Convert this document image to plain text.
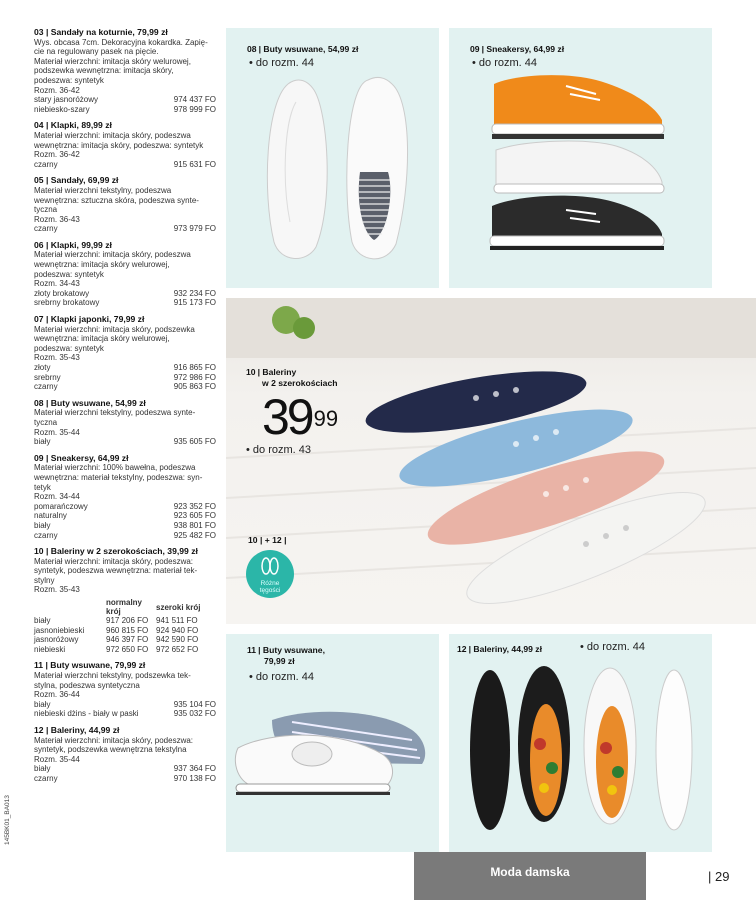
03 | Sandały na koturnie, 79,99 zł
Wys. obcasa 7cm. Dekoracyjna kokardka. Zapię-
cie na regulowany pasek na pięcie.
Materiał wierzchni: imitacja skóry welurowej,
podszewka wewnętrzna: imitacja skóry,
podeszwa: syntetyk
Rozm. 36-42
stary jasnoróżowy	974 437 FO
niebiesko-szary	978 999 FO
04 | Klapki, 89,99 zł
Materiał wierzchni: imitacja skóry, podeszwa
wewnętrzna: imitacja skóry, podeszwa: syntetyk
Rozm. 36-42
czarny	915 631 FO
05 | Sandały, 69,99 zł
Materiał wierzchni tekstylny, podeszwa
wewnętrzna: sztuczna skóra, podeszwa synte-
tyczna
Rozm. 36-43
czarny	973 979 FO
06 | Klapki, 99,99 zł
Materiał wierzchni: imitacja skóry, podeszwa
wewnętrzna: imitacja skóry welurowej,
podeszwa: syntetyk
Rozm. 34-43
złoty brokatowy	932 234 FO
srebrny brokatowy	915 173 FO
07 | Klapki japonki, 79,99 zł
Materiał wierzchni: imitacja skóry, podszewka
wewnętrzna: imitacja skóry welurowej,
podeszwa: syntetyk
Rozm. 35-43
złoty	916 865 FO
srebrny	972 986 FO
czarny	905 863 FO
08 | Buty wsuwane, 54,99 zł
Materiał wierzchni tekstylny, podeszwa synte-
tyczna
Rozm. 35-44
biały	935 605 FO
09 | Sneakersy, 64,99 zł
Materiał wierzchni: 100% bawełna, podeszwa
wewnętrzna: materiał tekstylny, podeszwa: syn-
tetyk
Rozm. 34-44
pomarańczowy	923 352 FO
naturalny	923 605 FO
biały	938 801 FO
czarny	925 482 FO
10 | Baleriny w 2 szerokościach, 39,99 zł
Materiał wierzchni: imitacja skóry, podeszwa:
syntetyk, podeszwa wewnętrzna: materiał tek-
stylny
Rozm. 35-43
	normalny krój	szeroki krój
biały	917 206 FO	941 511 FO
jasnoniebieski	960 815 FO	924 940 FO
jasnoróżowy	946 397 FO	942 590 FO
niebieski	972 650 FO	972 652 FO
11 | Buty wsuwane, 79,99 zł
Materiał wierzchni tekstylny, podszewka tek-
stylna, podeszwa syntetyczna
Rozm. 36-44
biały	935 104 FO
niebieski dżins - biały w paski	935 032 FO
12 | Baleriny, 44,99 zł
Materiał wierzchni: imitacja skóry, podeszwa:
syntetyk, podszewka wewnętrzna tekstylna
Rozm. 35-44
biały	937 364 FO
czarny	970 138 FO
145BK01_BA013
08 | Buty wsuwane, 54,99 zł
• do rozm. 44
09 | Sneakersy, 64,99 zł
• do rozm. 44
10 | Baleriny
w 2 szerokościach
$39^{99}$
• do rozm. 43
10 | + 12 |
Różne
tęgości
11 | Buty wsuwane,
79,99 zł
• do rozm. 44
12 | Baleriny, 44,99 zł	• do rozm. 44
Moda damska	| 29
